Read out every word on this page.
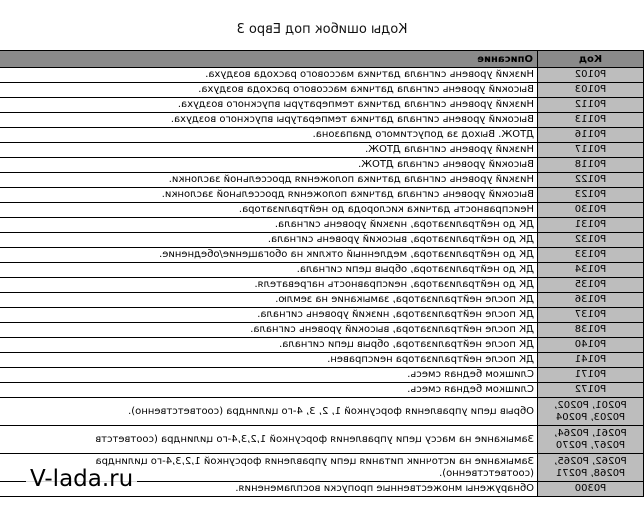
Коды ошибок под Евро 3
Код	Описание
P0102	Низкий уровень сигнала датчика массового расхода воздуха.
P0103	Высокий уровень сигнала датчика массового расхода воздуха.
P0112	Низкий уровень сигнала датчика температуры впускного воздуха.
P0113	Высокий уровень сигнала датчика температуры впускного воздуха.
P0116	ДТОЖ. Выход за допустимого диапазона.
P0117	Низкий уровень сигнала ДТОЖ.
P0118	Высокий уровень сигнала ДТОЖ.
P0122	Низкий уровень сигнала датчика положения дроссельной заслонки.
P0123	Высокий уровень сигнала датчика положения дроссельной заслонки.
P0130	Неисправность датчика кислорода до нейтрализатора.
P0131	ДК до нейтрализатора, низкий уровень сигнала.
P0132	ДК до нейтрализатора, высокий уровень сигнала.
P0133	ДК до нейтрализатора, медленный отклик на обогащение/обеднение.
P0134	ДК до нейтрализатора, обрыв цепи сигнала.
P0135	ДК до нейтрализатора, неисправность нагревателя.
P0136	ДК после нейтрализатора, замыкание на землю.
P0137	ДК после нейтрализатора, низкий уровень сигнала.
P0138	ДК после нейтрализатора, высокий уровень сигнала.
P0140	ДК после нейтрализатора, обрыв цепи сигнала.
P0141	ДК после нейтрализатора неисправен.
P0171	Слишком бедная смесь.
P0172	Слишком бедная смесь.
P0201, P0202, P0203, P0204	Обрыв цепи управления форсункой 1, 2, 3, 4-го цилиндра (соответственно).
P0261, P0264, P0267, P0270	Замыкание на массу цепи управления форсункой 1,2,3,4-го цилиндра (соответств
P0262, P0265, P0268, P0271	Замыкание на источник питания цепи управления форсункой 1,2,3,4-го цилиндра (соответственно).
P0300	Обнаружены множественные пропуски воспламенения.
V-lada.ru
